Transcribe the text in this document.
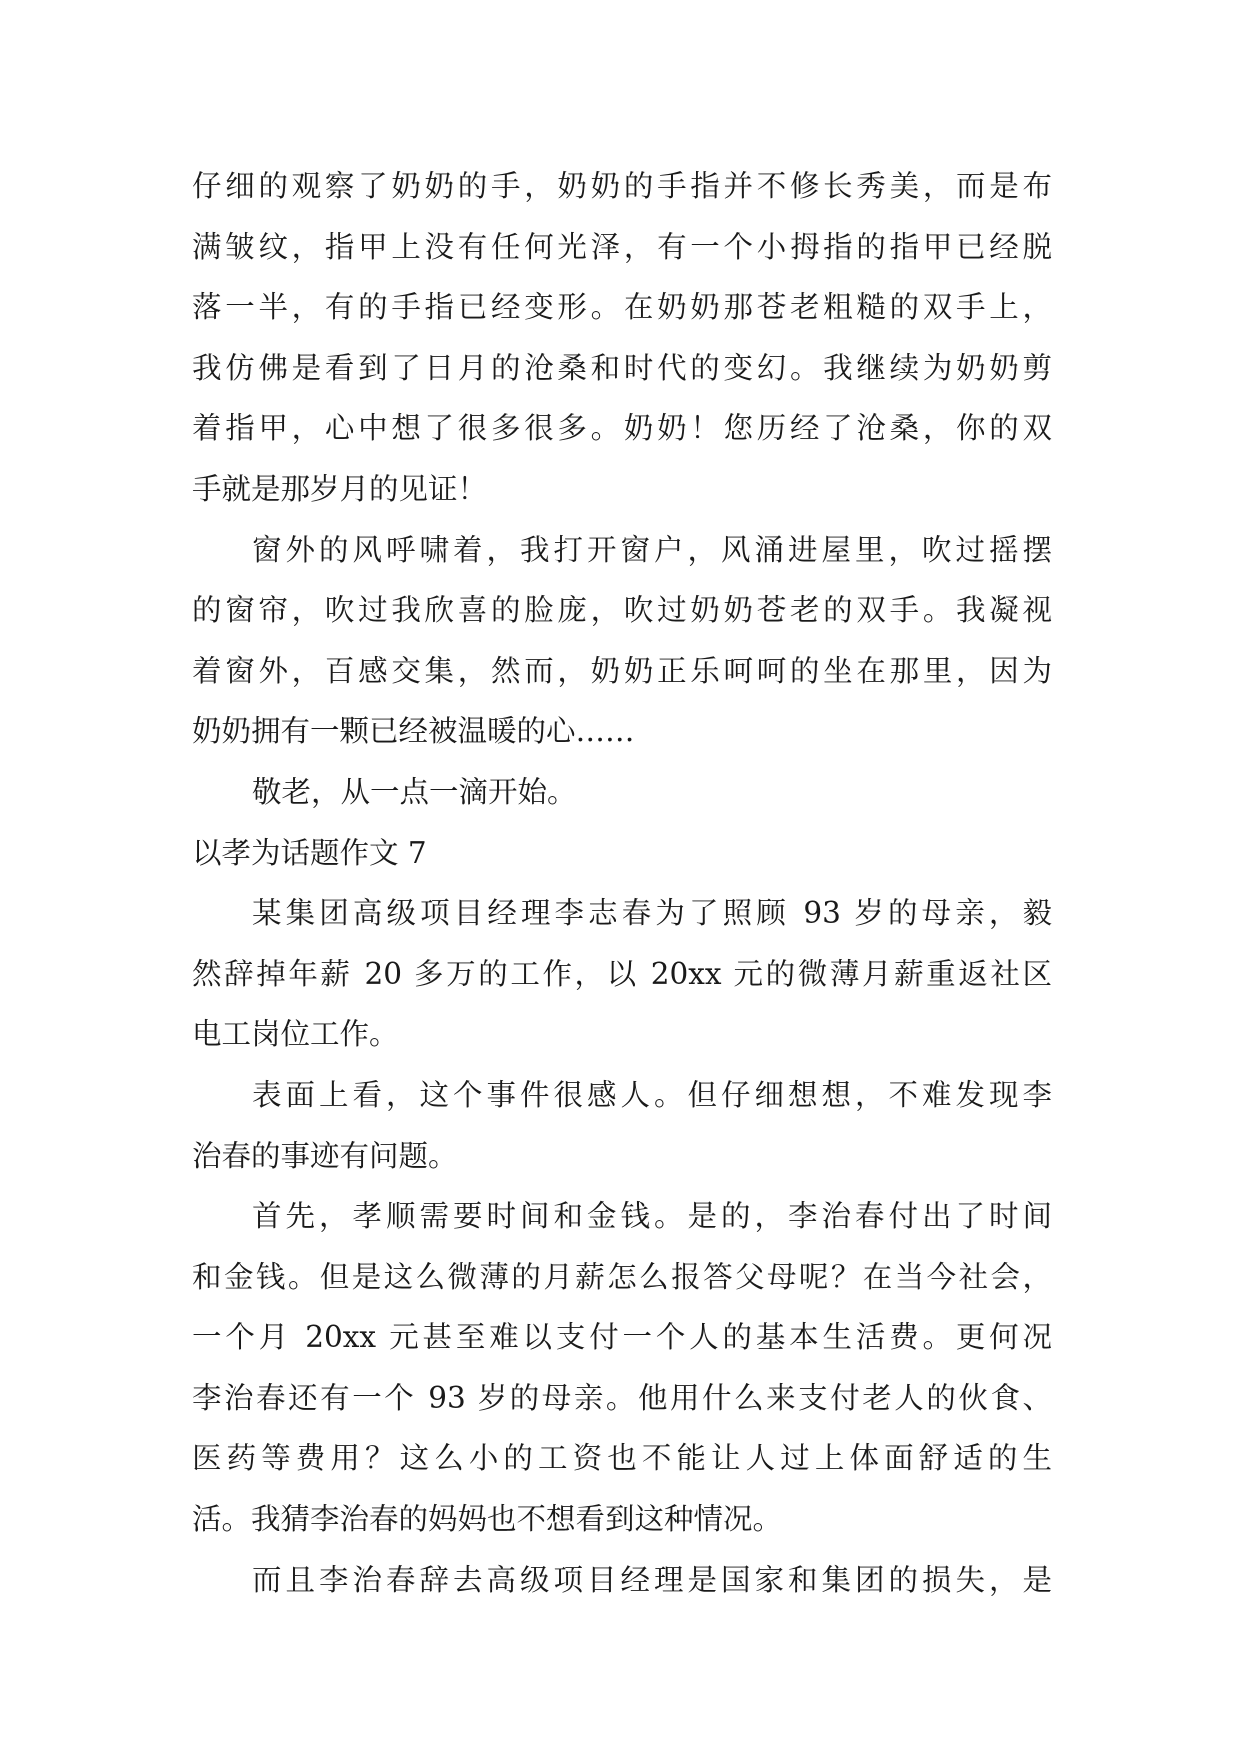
仔细的观察了奶奶的手，奶奶的手指并不修长秀美，而是布
满皱纹，指甲上没有任何光泽，有一个小拇指的指甲已经脱
落一半，有的手指已经变形。在奶奶那苍老粗糙的双手上，
我仿佛是看到了日月的沧桑和时代的变幻。我继续为奶奶剪
着指甲，心中想了很多很多。奶奶！您历经了沧桑，你的双
手就是那岁月的见证！
窗外的风呼啸着，我打开窗户，风涌进屋里，吹过摇摆
的窗帘，吹过我欣喜的脸庞，吹过奶奶苍老的双手。我凝视
着窗外，百感交集，然而，奶奶正乐呵呵的坐在那里，因为
奶奶拥有一颗已经被温暖的心……
敬老，从一点一滴开始。
以孝为话题作文 7
某集团高级项目经理李志春为了照顾 93 岁的母亲，毅
然辞掉年薪 20 多万的工作，以 20xx 元的微薄月薪重返社区
电工岗位工作。
表面上看，这个事件很感人。但仔细想想，不难发现李
治春的事迹有问题。
首先，孝顺需要时间和金钱。是的，李治春付出了时间
和金钱。但是这么微薄的月薪怎么报答父母呢？在当今社会，
一个月 20xx 元甚至难以支付一个人的基本生活费。更何况
李治春还有一个 93 岁的母亲。他用什么来支付老人的伙食、
医药等费用？这么小的工资也不能让人过上体面舒适的生
活。我猜李治春的妈妈也不想看到这种情况。
而且李治春辞去高级项目经理是国家和集团的损失，是
